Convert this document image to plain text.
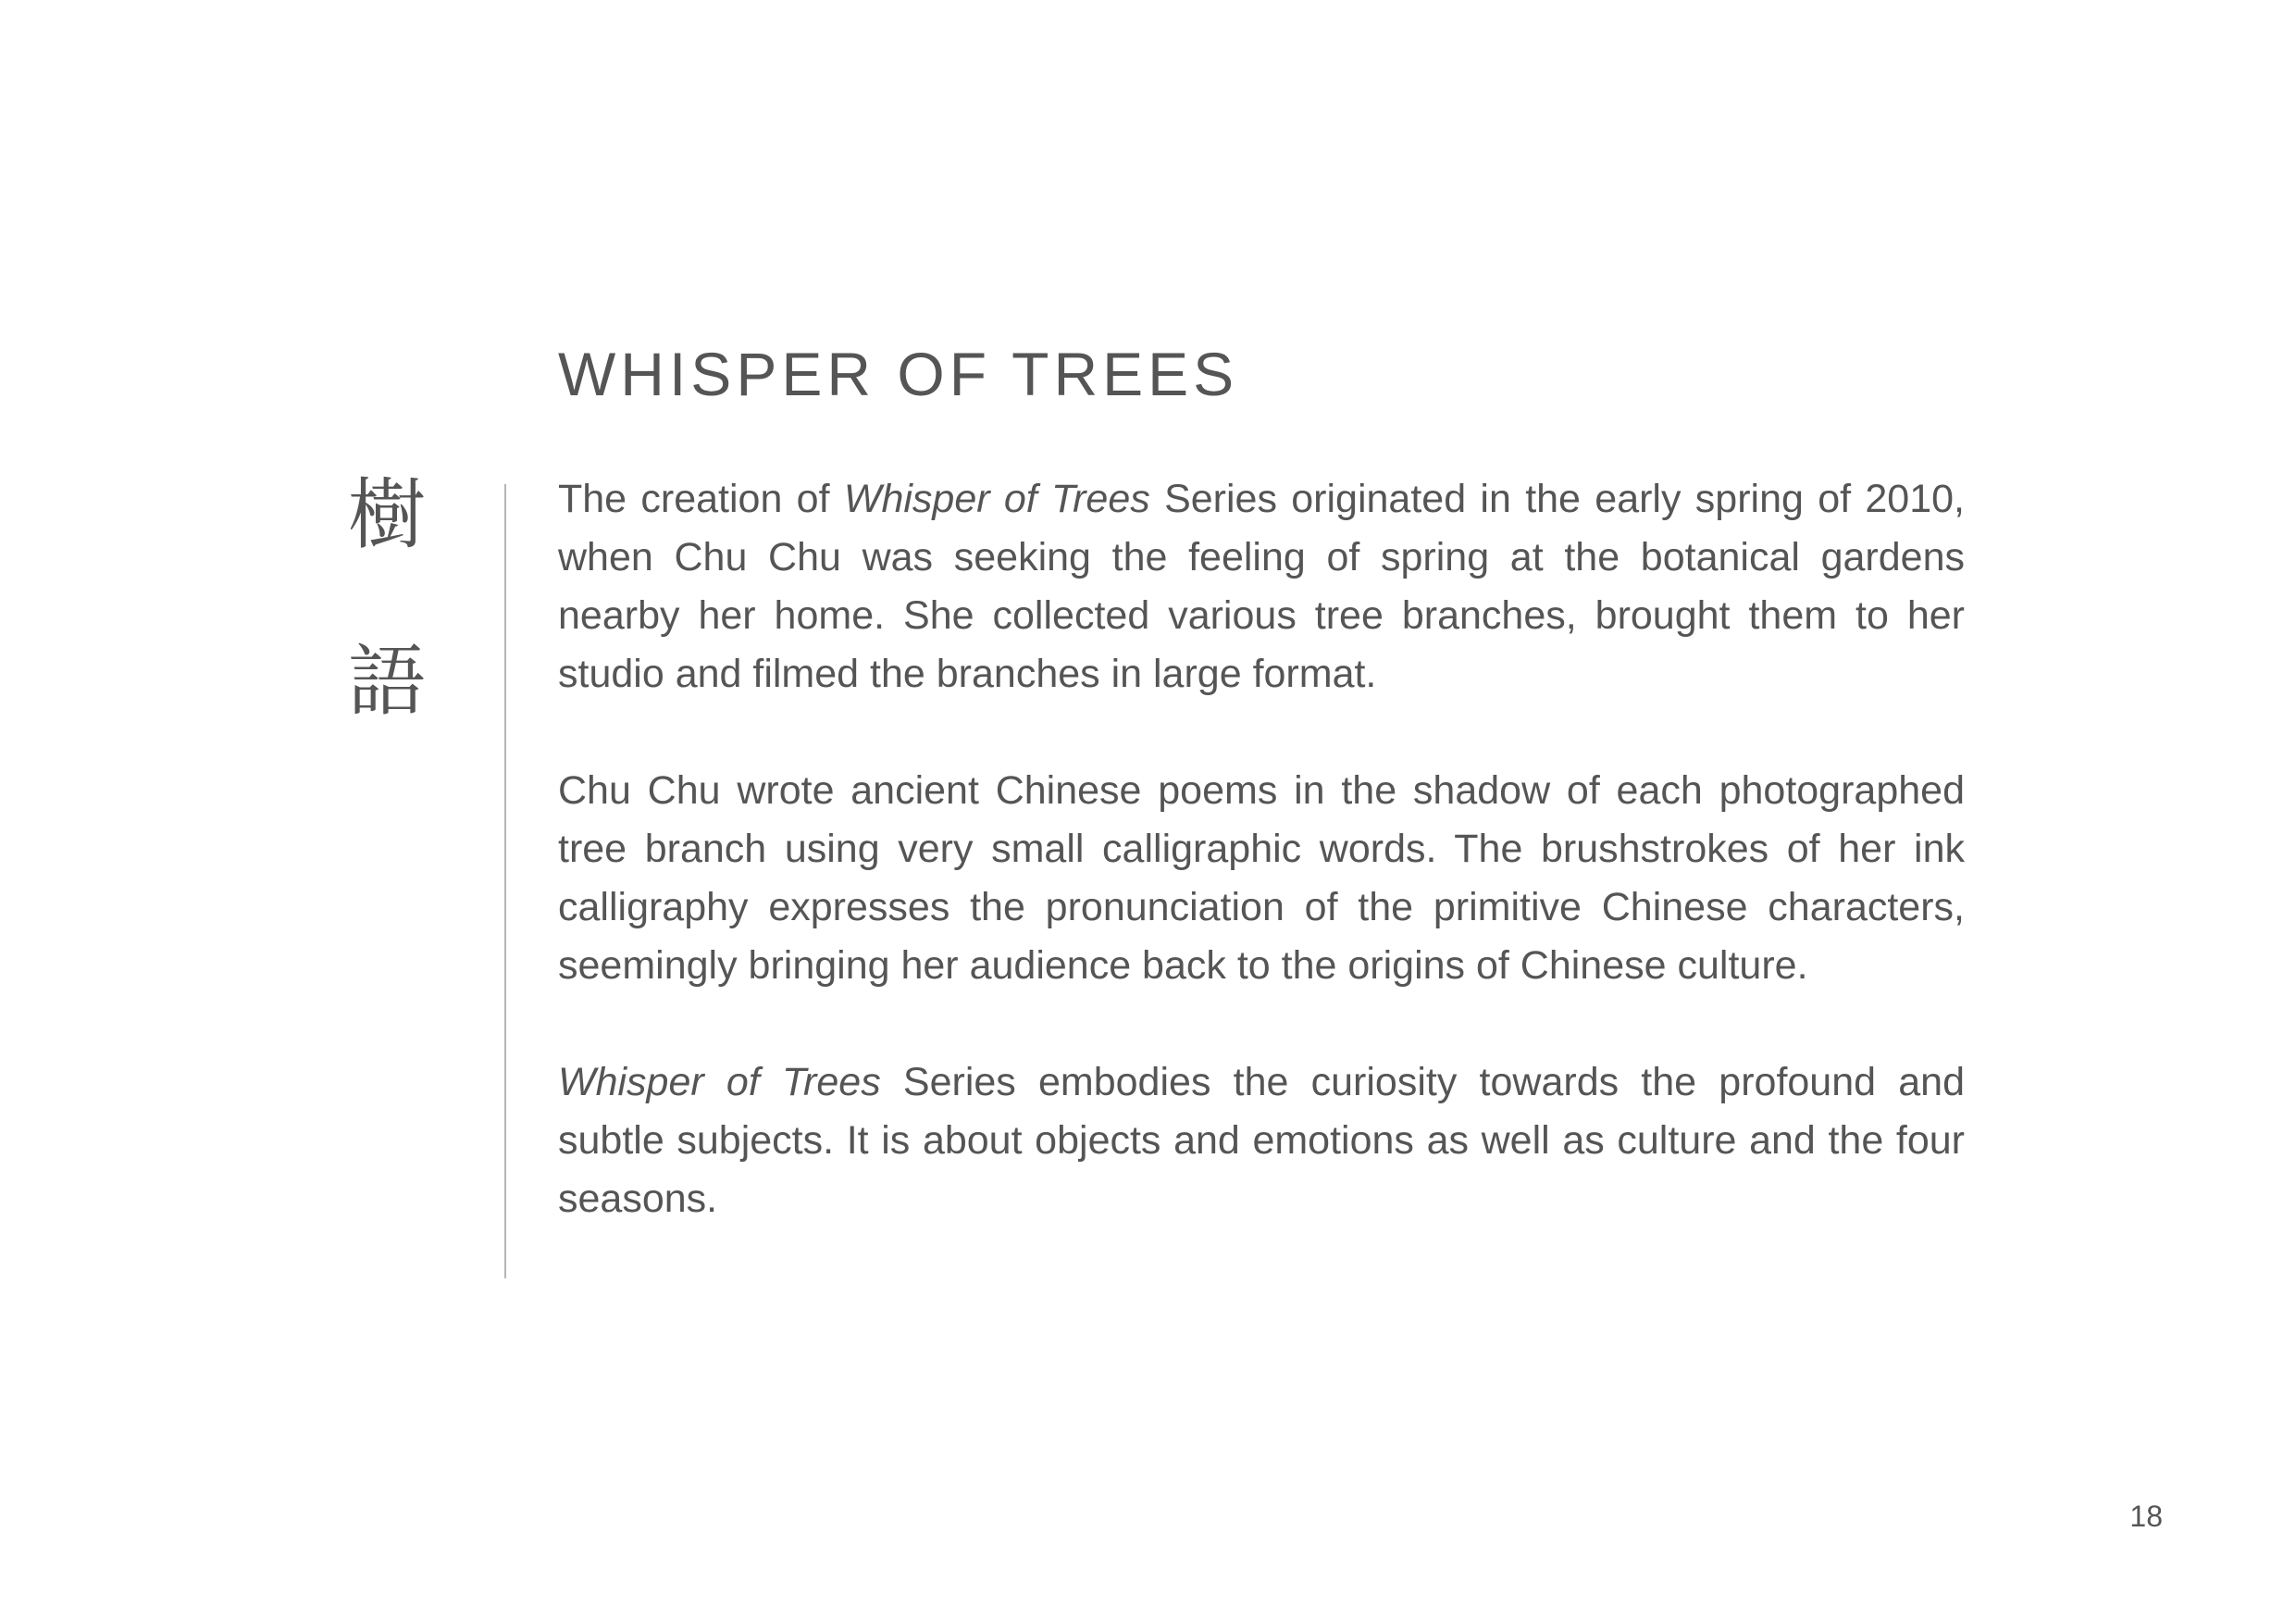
WHISPER OF TREES
樹
語

The creation of Whisper of Trees Series originated in the early spring of 2010, when Chu Chu was seeking the feeling of spring at the botanical gardens nearby her home. She collected various tree branches, brought them to her studio and filmed the branches in large format.

Chu Chu wrote ancient Chinese poems in the shadow of each photographed tree branch using very small calligraphic words. The brushstrokes of her ink calligraphy expresses the pronunciation of the primitive Chinese characters, seemingly bringing her audience back to the origins of Chinese culture.

Whisper of Trees Series embodies the curiosity towards the profound and subtle subjects. It is about objects and emotions as well as culture and the four seasons.

18
